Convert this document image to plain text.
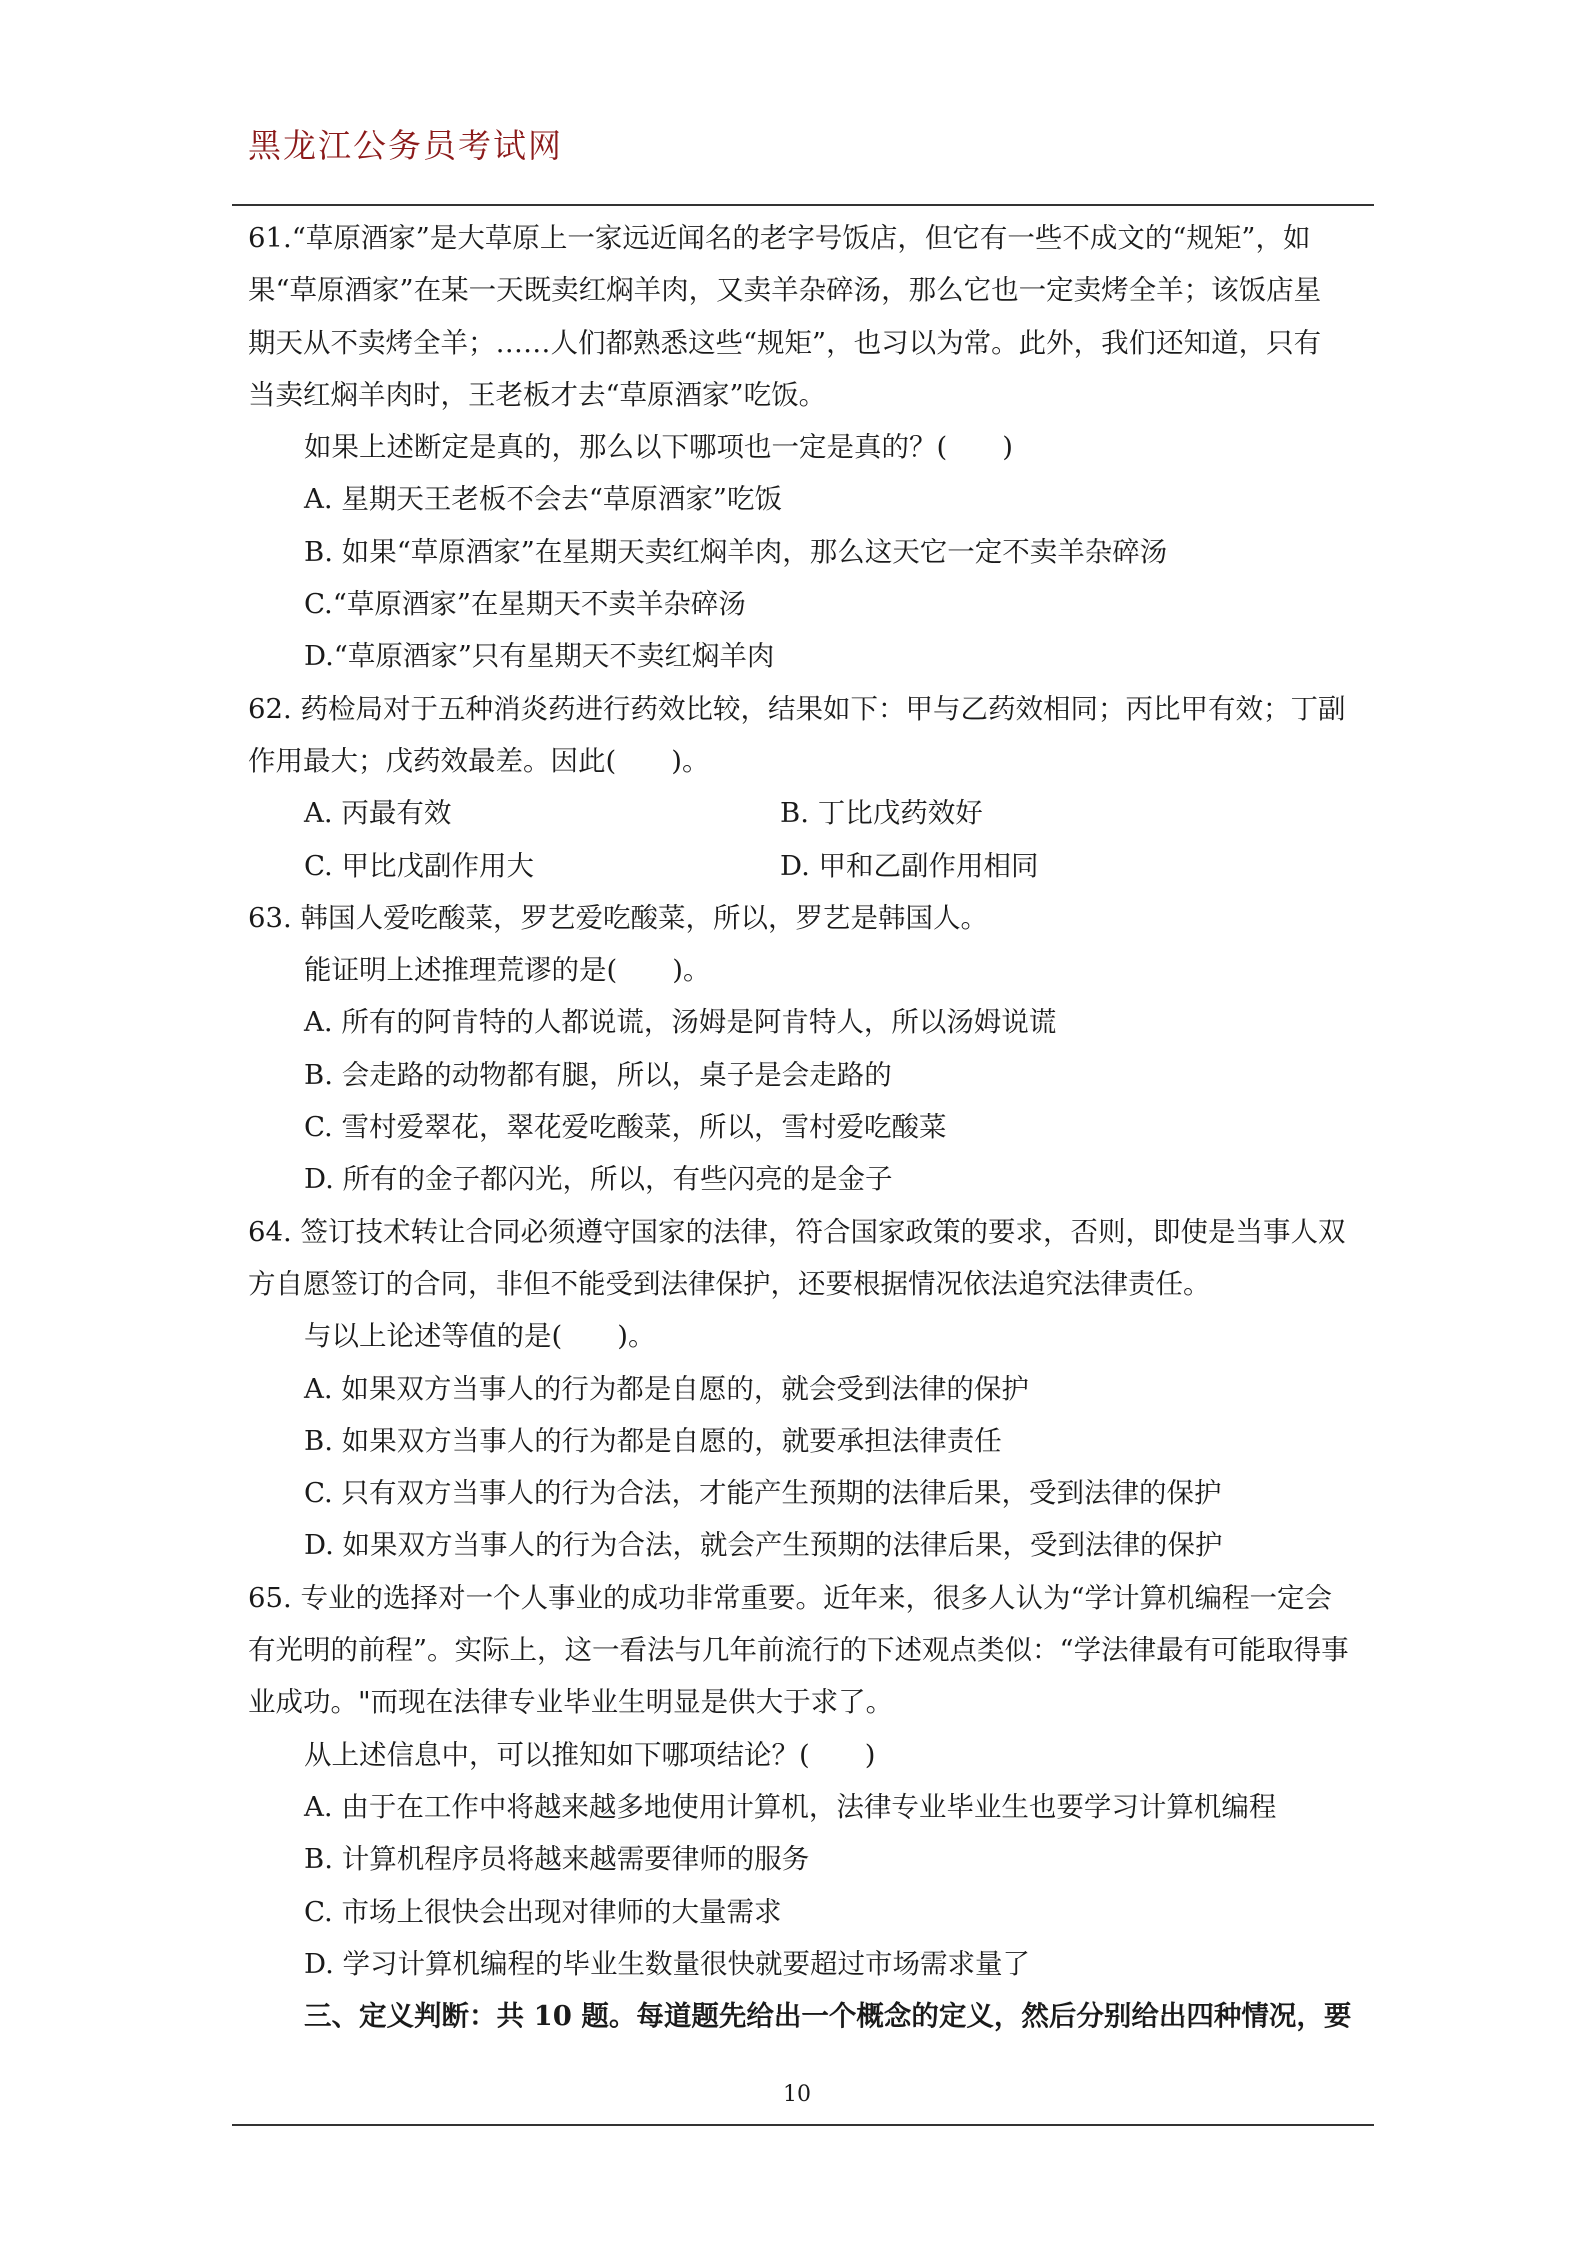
黑龙江公务员考试网
61.“草原酒家”是大草原上一家远近闻名的老字号饭店，但它有一些不成文的“规矩”，如
果“草原酒家”在某一天既卖红焖羊肉，又卖羊杂碎汤，那么它也一定卖烤全羊；该饭店星
期天从不卖烤全羊；……人们都熟悉这些“规矩”，也习以为常。此外，我们还知道，只有
当卖红焖羊肉时，王老板才去“草原酒家”吃饭。
如果上述断定是真的，那么以下哪项也一定是真的？(　　)
A. 星期天王老板不会去“草原酒家”吃饭
B. 如果“草原酒家”在星期天卖红焖羊肉，那么这天它一定不卖羊杂碎汤
C.“草原酒家”在星期天不卖羊杂碎汤
D.“草原酒家”只有星期天不卖红焖羊肉
62. 药检局对于五种消炎药进行药效比较，结果如下：甲与乙药效相同；丙比甲有效；丁副
作用最大；戊药效最差。因此(　　)。
A. 丙最有效	B. 丁比戊药效好
C. 甲比戊副作用大	D. 甲和乙副作用相同
63. 韩国人爱吃酸菜，罗艺爱吃酸菜，所以，罗艺是韩国人。
能证明上述推理荒谬的是(　　)。
A. 所有的阿肯特的人都说谎，汤姆是阿肯特人，所以汤姆说谎
B. 会走路的动物都有腿，所以，桌子是会走路的
C. 雪村爱翠花，翠花爱吃酸菜，所以，雪村爱吃酸菜
D. 所有的金子都闪光，所以，有些闪亮的是金子
64. 签订技术转让合同必须遵守国家的法律，符合国家政策的要求，否则，即使是当事人双
方自愿签订的合同，非但不能受到法律保护，还要根据情况依法追究法律责任。
与以上论述等值的是(　　)。
A. 如果双方当事人的行为都是自愿的，就会受到法律的保护
B. 如果双方当事人的行为都是自愿的，就要承担法律责任
C. 只有双方当事人的行为合法，才能产生预期的法律后果，受到法律的保护
D. 如果双方当事人的行为合法，就会产生预期的法律后果，受到法律的保护
65. 专业的选择对一个人事业的成功非常重要。近年来，很多人认为“学计算机编程一定会
有光明的前程”。实际上，这一看法与几年前流行的下述观点类似：“学法律最有可能取得事
业成功。"而现在法律专业毕业生明显是供大于求了。
从上述信息中，可以推知如下哪项结论？(　　)
A. 由于在工作中将越来越多地使用计算机，法律专业毕业生也要学习计算机编程
B. 计算机程序员将越来越需要律师的服务
C. 市场上很快会出现对律师的大量需求
D. 学习计算机编程的毕业生数量很快就要超过市场需求量了
三、定义判断：共 10 题。每道题先给出一个概念的定义，然后分别给出四种情况，要
10
